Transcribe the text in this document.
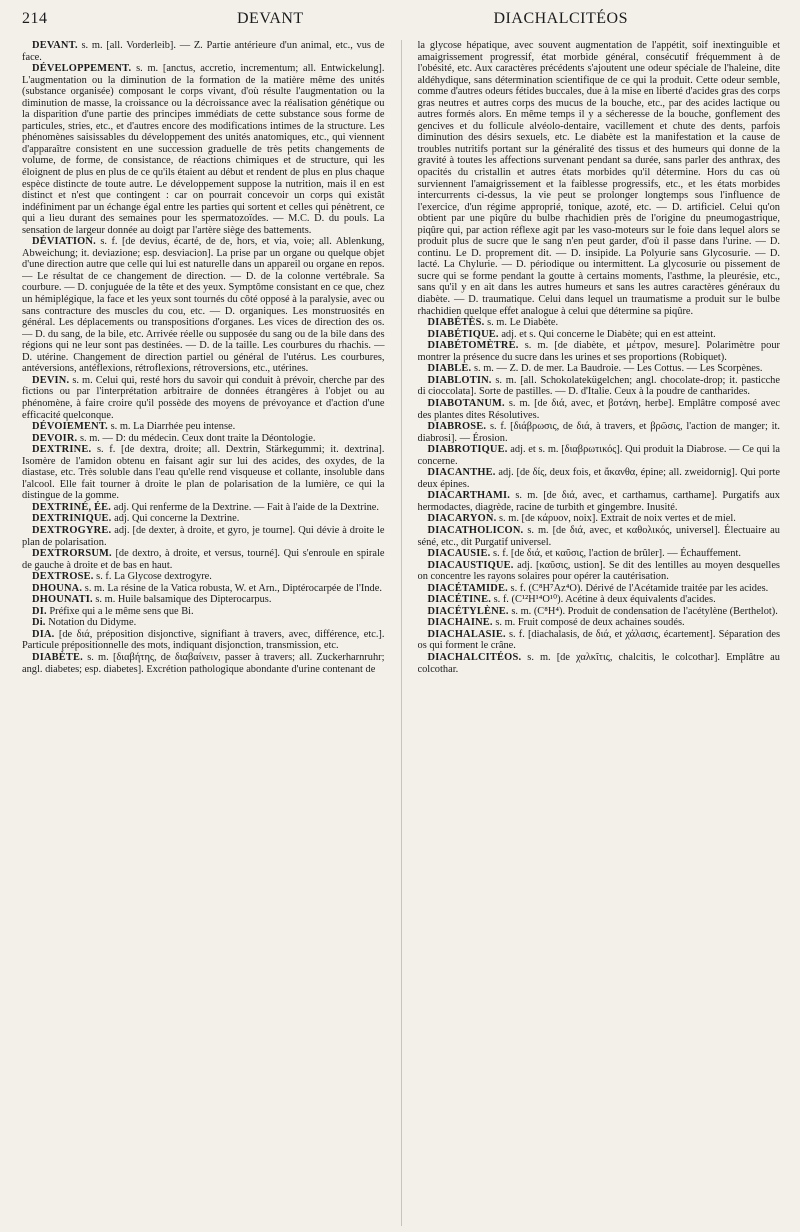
214	DEVANT	DIACHALCITÉOS

DEVANT. s. m. [all. Vorderleib]. — Z. Partie antérieure d'un animal, etc., vus de face.

DÉVELOPPEMENT. s. m. [anctus, accretio, incrementum; all. Entwickelung]. L'augmentation ou la diminution de la formation de la matière même des unités (substance organisée) composant le corps vivant, d'où résulte l'augmentation ou la diminution de masse, la croissance ou la décroissance avec la réalisation génétique ou la disparition d'une partie des principes immédiats de cette substance sous forme de particules, stries, etc., et d'autres encore des modifications intimes de la structure. Les phénomènes saisissables du développement des unités anatomiques, etc., qui viennent d'apparaître consistent en une succession graduelle de très petits changements de volume, de forme, de consistance, de réactions chimiques et de structure, qui les éloignent de plus en plus de ce qu'ils étaient au début et rendent de plus en plus chaque espèce distincte de toute autre. Le développement suppose la nutrition, mais il en est distinct et n'est que contingent : car on pourrait concevoir un corps qui existât indéfiniment par un échange égal entre les parties qui sortent et celles qui pénètrent, ce qui a lieu durant des semaines pour les spermatozoïdes. — M.C. D. du pouls. La sensation de largeur donnée au doigt par l'artère siège des battements.

DÉVIATION. s. f. [de devius, écarté, de de, hors, et via, voie; all. Ablenkung, Abweichung; it. deviazione; esp. desviacion]. La prise par un organe ou quelque objet d'une direction autre que celle qui lui est naturelle dans un appareil ou organe en repos. — Le résultat de ce changement de direction. — D. de la colonne vertébrale. Sa courbure. — D. conjuguée de la tête et des yeux. Symptôme consistant en ce que, chez un hémiplégique, la face et les yeux sont tournés du côté opposé à la paralysie, avec ou sans contracture des muscles du cou, etc. — D. organiques. Les monstruosités en général. Les déplacements ou transpositions d'organes. Les vices de direction des os. — D. du sang, de la bile, etc. Arrivée réelle ou supposée du sang ou de la bile dans des régions qui ne leur sont pas destinées. — D. de la taille. Les courbures du rhachis. — D. utérine. Changement de direction partiel ou général de l'utérus. Les courbures, antéversions, antéflexions, rétroflexions, rétroversions, etc., utérines.

DEVIN. s. m. Celui qui, resté hors du savoir qui conduit à prévoir, cherche par des fictions ou par l'interprétation arbitraire de données étrangères à l'objet ou au phénomène, à faire croire qu'il possède des moyens de prévoyance et d'action d'une efficacité quelconque.

DÉVOIEMENT. s. m. La Diarrhée peu intense.

DEVOIR. s. m. — D: du médecin. Ceux dont traite la Déontologie.

DEXTRINE. s. f. [de dextra, droite; all. Dextrin, Stärkegummi; it. dextrina]. Isomère de l'amidon obtenu en faisant agir sur lui des acides, des oxydes, de la diastase, etc. Très soluble dans l'eau qu'elle rend visqueuse et collante, insoluble dans l'alcool. Elle fait tourner à droite le plan de polarisation de la lumière, ce qui la distingue de la gomme.

DEXTRINÉ, ÉE. adj. Qui renferme de la Dextrine. — Fait à l'aide de la Dextrine.

DEXTRINIQUE. adj. Qui concerne la Dextrine.

DEXTROGYRE. adj. [de dexter, à droite, et gyro, je tourne]. Qui dévie à droite le plan de polarisation.

DEXTRORSUM. [de dextro, à droite, et versus, tourné]. Qui s'enroule en spirale de gauche à droite et de bas en haut.

DEXTROSE. s. f. La Glycose dextrogyre.

DHOUNA. s. m. La résine de la Vatica robusta, W. et Arn., Diptérocarpée de l'Inde.

DHOUNATI. s. m. Huile balsamique des Dipterocarpus.

DI. Préfixe qui a le même sens que Bi.

Di. Notation du Didyme.

DIA. [de διά, préposition disjonctive, signifiant à travers, avec, différence, etc.]. Particule prépositionnelle des mots, indiquant disjonction, transmission, etc.

DIABÈTE. s. m. [διαβήτης, de διαβαίνειν, passer à travers; all. Zuckerharnruhr; angl. diabetes; esp. diabetes]. Excrétion pathologique abondante d'urine contenant de

la glycose hépatique, avec souvent augmentation de l'appétit, soif inextinguible et amaigrissement progressif, état morbide général, consécutif fréquemment à de l'obésité, etc. Aux caractères précédents s'ajoutent une odeur spéciale de l'haleine, dite aldéhydique, sans détermination scientifique de ce qui la produit. Cette odeur semble, comme d'autres odeurs fétides buccales, due à la mise en liberté d'acides gras des corps gras neutres et autres corps des mucus de la bouche, etc., par des acides lactique ou autres formés alors. En même temps il y a sécheresse de la bouche, gonflement des gencives et du follicule alvéolo-dentaire, vacillement et chute des dents, parfois diminution des désirs sexuels, etc. Le diabète est la manifestation et la cause de troubles nutritifs portant sur la généralité des tissus et des humeurs qui donne de la gravité à toutes les affections survenant pendant sa durée, sans parler des anthrax, des opacités du cristallin et autres états morbides qu'il détermine. Hors du cas où surviennent l'amaigrissement et la faiblesse progressifs, etc., et les états morbides intercurrents ci-dessus, la vie peut se prolonger longtemps sous l'influence de l'exercice, d'un régime approprié, tonique, azoté, etc. — D. artificiel. Celui qu'on obtient par une piqûre du bulbe rhachidien près de l'origine du pneumogastrique, piqûre qui, par action réflexe agit par les vaso-moteurs sur le foie dans lequel alors se produit plus de sucre que le sang n'en peut garder, d'où il passe dans l'urine. — D. continu. Le D. proprement dit. — D. insipide. La Polyurie sans Glycosurie. — D. lacté. La Chylurie. — D. périodique ou intermittent. La glycosurie ou pissement de sucre qui se forme pendant la goutte à certains moments, l'asthme, la pleurésie, etc., sans qu'il y en ait dans les autres humeurs et sans les autres caractères généraux du diabète. — D. traumatique. Celui dans lequel un traumatisme a produit sur le bulbe rhachidien quelque effet analogue à celui que détermine sa piqûre.

DIABÉTÈS. s. m. Le Diabète.

DIABÉTIQUE. adj. et s. Qui concerne le Diabète; qui en est atteint.

DIABÉTOMÈTRE. s. m. [de diabète, et μέτρον, mesure]. Polarimètre pour montrer la présence du sucre dans les urines et ses proportions (Robiquet).

DIABLE. s. m. — Z. D. de mer. La Baudroie. — Les Cottus. — Les Scorpènes.

DIABLOTIN. s. m. [all. Schokolatekügelchen; angl. chocolate-drop; it. pasticche di cioccolata]. Sorte de pastilles. — D. d'Italie. Ceux à la poudre de cantharides.

DIABOTANUM. s. m. [de διά, avec, et βοτάνη, herbe]. Emplâtre composé avec des plantes dites Résolutives.

DIABROSE. s. f. [διάβρωσις, de διά, à travers, et βρῶσις, l'action de manger; it. diabrosi]. — Érosion.

DIABROTIQUE. adj. et s. m. [διαβρωτικός]. Qui produit la Diabrose. — Ce qui la concerne.

DIACANTHE. adj. [de δίς, deux fois, et ἄκανθα, épine; all. zweidornig]. Qui porte deux épines.

DIACARTHAMI. s. m. [de διά, avec, et carthamus, carthame]. Purgatifs aux hermodactes, diagrède, racine de turbith et gingembre. Inusité.

DIACARYON. s. m. [de κάρυον, noix]. Extrait de noix vertes et de miel.

DIACATHOLICON. s. m. [de διά, avec, et καθολικός, universel]. Électuaire au séné, etc., dit Purgatif universel.

DIACAUSIE. s. f. [de διά, et καῦσις, l'action de brûler]. — Échauffement.

DIACAUSTIQUE. adj. [καῦσις, ustion]. Se dit des lentilles au moyen desquelles on concentre les rayons solaires pour opérer la cautérisation.

DIACÉTAMIDE. s. f. (C⁸H⁷Az⁴O). Dérivé de l'Acétamide traitée par les acides.

DIACÉTINE. s. f. (C¹²H¹⁴O¹⁰). Acétine à deux équivalents d'acides.

DIACÉTYLÈNE. s. m. (C⁸H⁴). Produit de condensation de l'acétylène (Berthelot).

DIACHAINE. s. m. Fruit composé de deux achaines soudés.

DIACHALASIE. s. f. [diachalasis, de διά, et χάλασις, écartement]. Séparation des os qui forment le crâne.

DIACHALCITÉOS. s. m. [de χαλκῖτις, chalcitis, le colcothar]. Emplâtre au colcothar.
